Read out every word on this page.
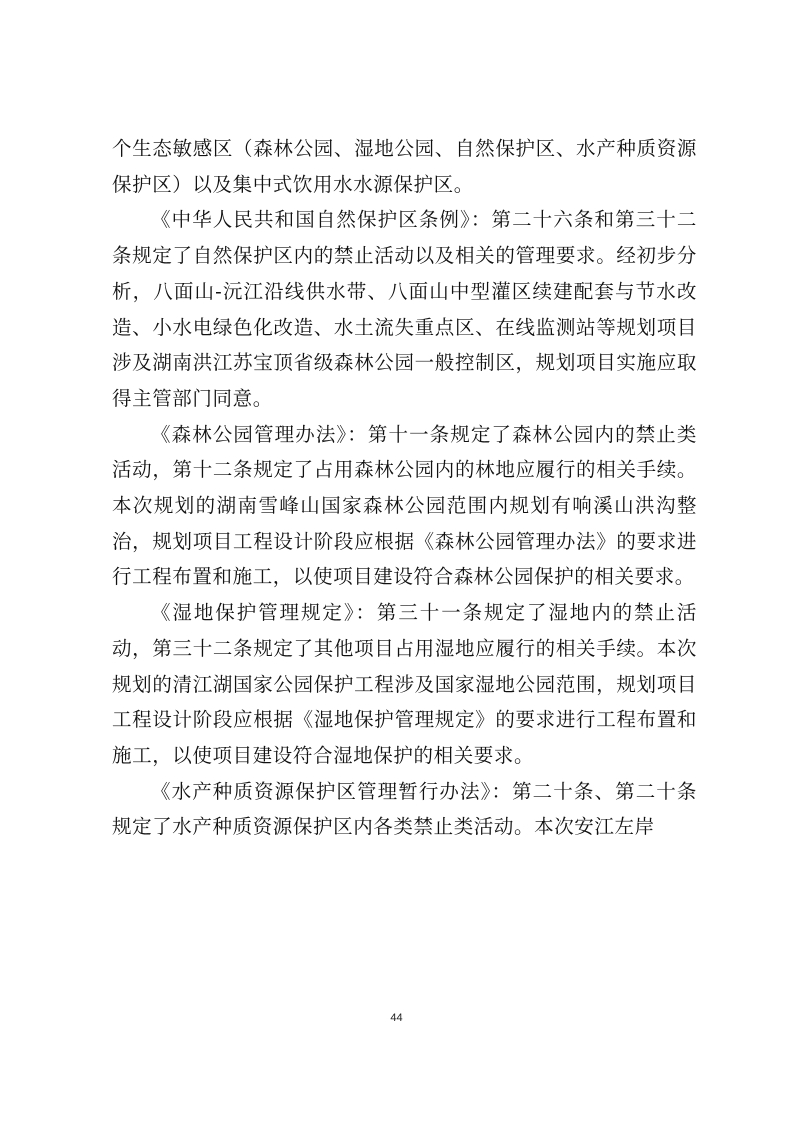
个生态敏感区（森林公园、湿地公园、自然保护区、水产种质资源保护区）以及集中式饮用水水源保护区。

《中华人民共和国自然保护区条例》：第二十六条和第三十二条规定了自然保护区内的禁止活动以及相关的管理要求。经初步分析，八面山-沅江沿线供水带、八面山中型灌区续建配套与节水改造、小水电绿色化改造、水土流失重点区、在线监测站等规划项目涉及湖南洪江苏宝顶省级森林公园一般控制区，规划项目实施应取得主管部门同意。

《森林公园管理办法》：第十一条规定了森林公园内的禁止类活动，第十二条规定了占用森林公园内的林地应履行的相关手续。本次规划的湖南雪峰山国家森林公园范围内规划有响溪山洪沟整治，规划项目工程设计阶段应根据《森林公园管理办法》的要求进行工程布置和施工，以使项目建设符合森林公园保护的相关要求。

《湿地保护管理规定》：第三十一条规定了湿地内的禁止活动，第三十二条规定了其他项目占用湿地应履行的相关手续。本次规划的清江湖国家公园保护工程涉及国家湿地公园范围，规划项目工程设计阶段应根据《湿地保护管理规定》的要求进行工程布置和施工，以使项目建设符合湿地保护的相关要求。

《水产种质资源保护区管理暂行办法》：第二十条、第二十条规定了水产种质资源保护区内各类禁止类活动。本次安江左岸

44
